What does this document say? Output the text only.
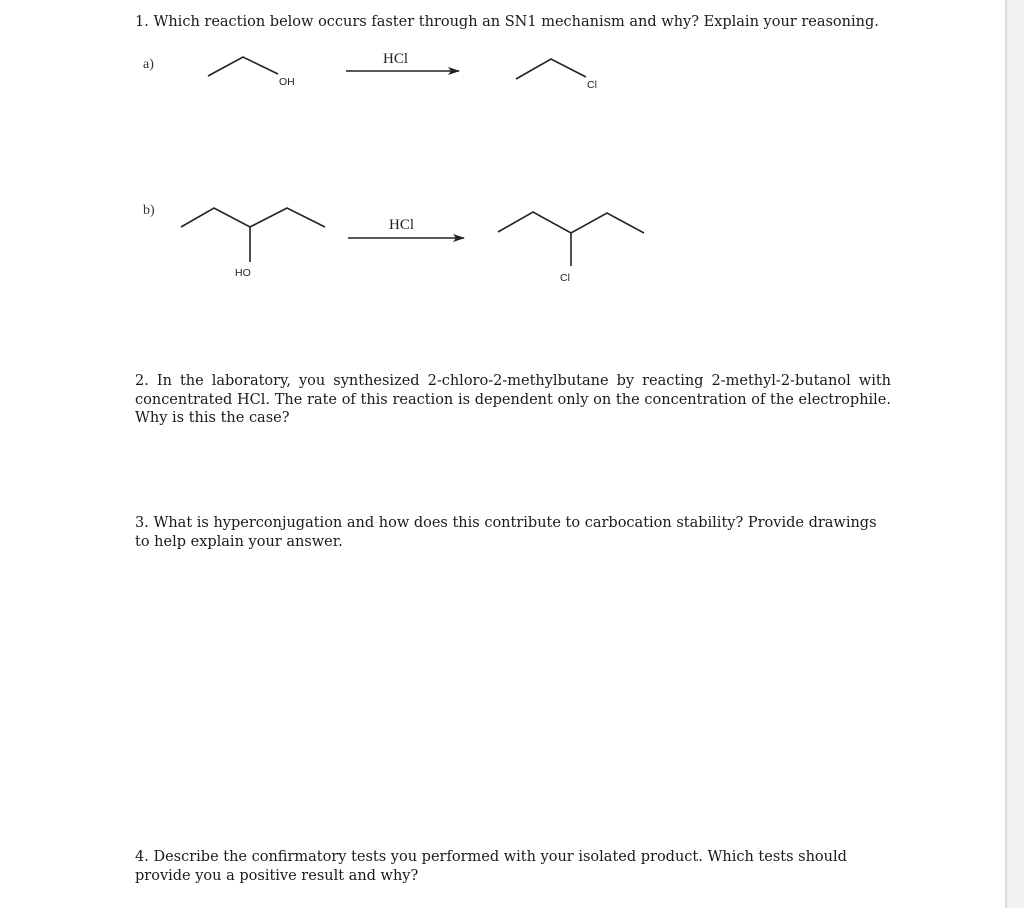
1. Which reaction below occurs faster through an SN1 mechanism and why? Explain your reasoning.
a)
b)
OH
HCl
Cl
HO
HCl
Cl
2. In the laboratory, you synthesized 2-chloro-2-methylbutane by reacting 2-methyl-2-butanol with concentrated HCl. The rate of this reaction is dependent only on the concentration of the electrophile. Why is this the case?
3. What is hyperconjugation and how does this contribute to carbocation stability? Provide drawings to help explain your answer.
4. Describe the confirmatory tests you performed with your isolated product. Which tests should provide you a positive result and why?
